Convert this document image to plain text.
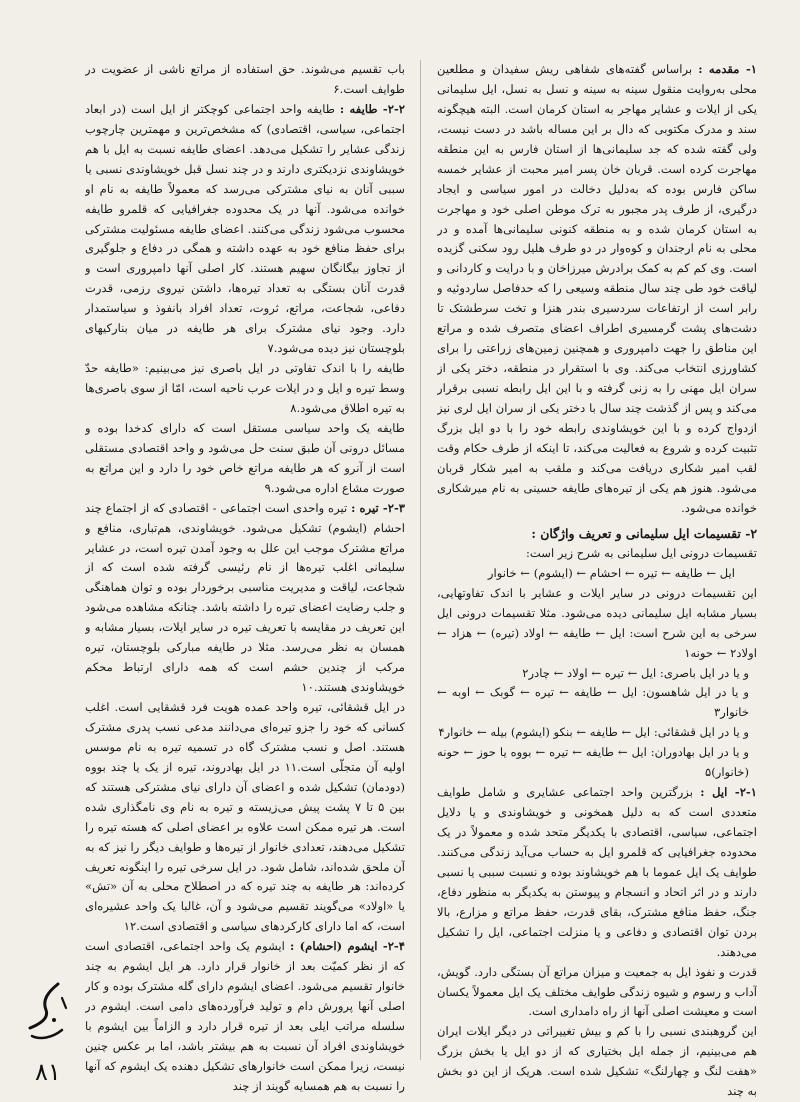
۱- مقدمه : براساس گفته‌های شفاهی ریش سفیدان و مطلعین محلی به‌روایت منقول سینه به سینه و نسل به نسل، ایل سلیمانی یکی از ایلات و عشایر مهاجر به استان کرمان است. البته هیچگونه سند و مدرک مکتوبی که دال بر این مساله باشد در دست نیست، ولی گفته شده که جد سلیمانی‌ها از استان فارس به این منطقه مهاجرت کرده است. قربان خان پسر امیر محبت از عشایر خمسه ساکن فارس بوده که به‌دلیل دخالت در امور سیاسی و ایجاد درگیری، از طرف پدر مجبور به ترک موطن اصلی خود و مهاجرت به استان کرمان شده و به منطقه کنونی سلیمانی‌ها آمده و در محلی به نام ارجندان و کوه‌وار در دو طرف هلیل رود سکنی گزیده است. وی کم کم به کمک برادرش میرزاخان و با درایت و کاردانی و لیاقت خود طی چند سال منطقه وسیعی را که حدفاصل ساردوئیه و رابر است از ارتفاعات سردسیری بندر هنزا و تخت سرطشتک تا دشت‌های پشت گرمسیری اطراف اعضای متصرف شده و مراتع این مناطق را جهت دامپروری و همچنین زمین‌های زراعتی را برای کشاورزی انتخاب می‌کند. وی با استقرار در منطقه، دختر یکی از سران ایل مهنی را به زنی گرفته و با این ایل رابطه نسبی برقرار می‌کند و پس از گذشت چند سال با دختر یکی از سران ایل لری نیز ازدواج کرده و با این خویشاوندی رابطه خود را با دو ایل بزرگ تثبیت کرده و شروع به فعالیت می‌کند، تا اینکه از طرف حکام وقت لقب امیر شکاری دریافت می‌کند و ملقب به امیر شکار قربان می‌شود. هنوز هم یکی از تیره‌های طایفه حسینی به نام میرشکاری خوانده می‌شود.

۲- تقسیمات ایل سلیمانی و تعریف واژگان :

تقسیمات درونی ایل سلیمانی به شرح زیر است:

ایل ← طایفه ← تیره ← احشام ← (ایشوم) ← خانوار

این تقسیمات درونی در سایر ایلات و عشایر با اندک تفاوتهایی، بسیار مشابه ایل سلیمانی دیده می‌شود. مثلا تقسیمات درونی ایل سرخی به این شرح است: ایل ← طایفه ← اولاد (تیره) ← هزاد ← اولاد۲ ← حونه۱

و یا در ایل باصری: ایل ← تیره ← اولاد ← چادر۲

و یا در ایل شاهسون: ایل ← طایفه ← تیره ← گوبک ← اوبه ← خانوار۳

و یا در ایل قشقائی: ایل ← طایفه ← بنکو (ایشوم) بیله ← خانوار۴

و یا در ایل بهادوران: ایل ← طایفه ← تیره ← بووه یا حوز ← حونه (خانوار)۵

۲-۱- ایل : بزرگترین واحد اجتماعی عشایری و شامل طوایف متعددی است که به دلیل همخونی و خویشاوندی و یا دلایل اجتماعی، سیاسی، اقتصادی با یکدیگر متحد شده و معمولاً در یک محدوده جغرافیایی که قلمرو ایل به حساب می‌آید زندگی می‌کنند. طوایف یک ایل عموما با هم خویشاوند بوده و نسبت سببی یا نسبی دارند و در اثر اتحاد و انسجام و پیوستن به یکدیگر به منظور دفاع، جنگ، حفظ منافع مشترک، بقای قدرت، حفظ مراتع و مزارع، بالا بردن توان اقتصادی و دفاعی و یا منزلت اجتماعی، ایل را تشکیل می‌دهند.

قدرت و نفوذ ایل به جمعیت و میزان مراتع آن بستگی دارد. گویش، آداب و رسوم و شیوه زندگی طوایف مختلف یک ایل معمولاً یکسان است و معیشت اصلی آنها از راه دامداری است.

این گروهبندی نسبی را با کم و بیش تغییراتی در دیگر ایلات ایران هم می‌بینیم، از جمله ایل بختیاری که از دو ایل یا بخش بزرگ «هفت لنگ و چهارلنگ» تشکیل شده است. هریک از این دو بخش به چند

باب تقسیم می‌شوند. حق استفاده از مراتع ناشی از عضویت در طوایف است.۶

۲-۲- طایفه : طایفه واحد اجتماعی کوچکتر از ایل است (در ابعاد اجتماعی، سیاسی، اقتصادی) که مشخص‌ترین و مهمترین چارچوب زندگی عشایر را تشکیل می‌دهد. اعضای طایفه نسبت به ایل با هم خویشاوندی نزدیکتری دارند و در چند نسل قبل خویشاوندی نسبی یا سببی آنان به نیای مشترکی می‌رسد که معمولاً طایفه به نام او خوانده می‌شود. آنها در یک محدوده جغرافیایی که قلمرو طایفه محسوب می‌شود زندگی می‌کنند. اعضای طایفه مسئولیت مشترکی برای حفظ منافع خود به عهده داشته و همگی در دفاع و جلوگیری از تجاوز بیگانگان سهیم هستند. کار اصلی آنها دامپروری است و قدرت آنان بستگی به تعداد تیره‌ها، داشتن نیروی رزمی، قدرت دفاعی، شجاعت، مراتع، ثروت، تعداد افراد بانفوذ و سیاستمدار دارد. وجود نیای مشترک برای هر طایفه در میان بنارکیهای بلوچستان نیز دیده می‌شود.۷

طایفه را با اندک تفاوتی در ایل باصری نیز می‌بینیم: «طایفه حدّ وسط تیره و ایل و در ایلات عرب ناحیه است، امّا از سوی باصری‌ها به تیره اطلاق می‌شود.۸

طایفه یک واحد سیاسی مستقل است که دارای کدخدا بوده و مسائل درونی آن طبق سنت حل می‌شود و واحد اقتصادی مستقلی است از آنرو که هر طایفه مراتع خاص خود را دارد و این مراتع به صورت مشاع اداره می‌شود.۹

۲-۳- تیره : تیره واحدی است اجتماعی - اقتصادی که از اجتماع چند احشام (ایشوم) تشکیل می‌شود. خویشاوندی، هم‌تباری، منافع و مراتع مشترک موجب این علل به وجود آمدن تیره است، در عشایر سلیمانی اغلب تیره‌ها از نام رئیسی گرفته شده است که از شجاعت، لیاقت و مدیریت مناسبی برخوردار بوده و توان هماهنگی و جلب رضایت اعضای تیره را داشته باشد. چنانکه مشاهده می‌شود این تعریف در مقایسه با تعریف تیره در سایر ایلات، بسیار مشابه و همسان به نظر می‌رسد. مثلا در طایفه مبارکی بلوچستان، تیره مرکب از چندین حشم است که همه دارای ارتباط محکم خویشاوندی هستند.۱۰

در ایل قشقائی، تیره واحد عمده هویت فرد قشقایی است. اغلب کسانی که خود را جزو تیره‌ای می‌دانند مدعی نسب پدری مشترک هستند. اصل و نسب مشترک گاه در تسمیه تیره به نام موسس اولیه آن متجلّی است.۱۱ در ایل بهادروند، تیره از یک یا چند بووه (دودمان) تشکیل شده و اعضای آن دارای نیای مشترکی هستند که بین ۵ تا ۷ پشت پیش می‌زیسته و تیره به نام وی نامگذاری شده است. هر تیره ممکن است علاوه بر اعضای اصلی که هسته تیره را تشکیل می‌دهند، تعدادی خانوار از تیره‌ها و طوایف دیگر را نیز که به آن ملحق شده‌اند، شامل شود. در ایل سرخی تیره را اینگونه تعریف کرده‌اند: هر طایفه به چند تیره که در اصطلاح محلی به آن «تش» یا «اولاد» می‌گویند تقسیم می‌شود و آن، غالبا یک واحد عشیره‌ای است، که اما دارای کارکردهای سیاسی و اقتصادی است.۱۲

۲-۴- ایشوم (احشام) : ایشوم یک واحد اجتماعی، اقتصادی است که از نظر کمیّت بعد از خانوار قرار دارد. هر ایل ایشوم به چند خانوار تقسیم می‌شود. اعضای ایشوم دارای گله مشترک بوده و کار اصلی آنها پرورش دام و تولید فرآورده‌های دامی است. ایشوم در سلسله مراتب ایلی بعد از تیره قرار دارد و الزاماً بین ایشوم با خویشاوندی افراد آن نسبت به هم بیشتر باشد، اما بر عکس چنین نیست، زیرا ممکن است خانوارهای تشکیل دهنده یک ایشوم که آنها را نسبت به هم همسایه گویند از چند

۸۱
